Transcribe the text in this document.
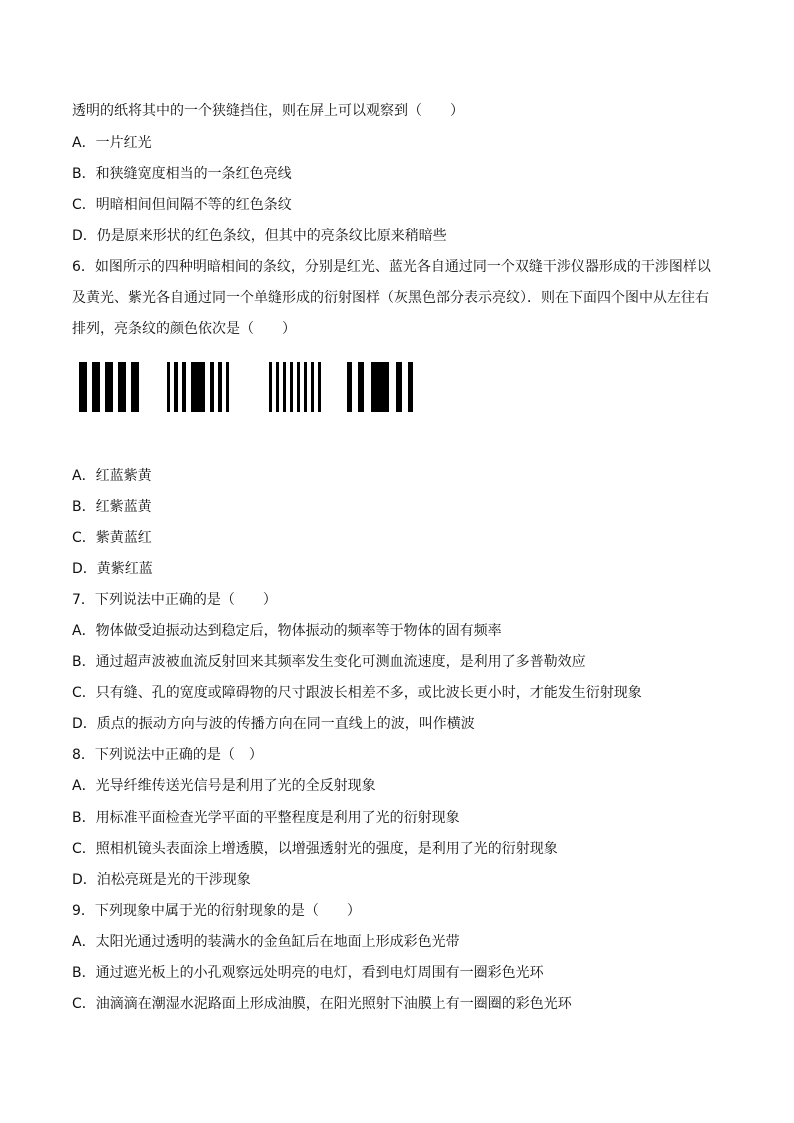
透明的纸将其中的一个狭缝挡住，则在屏上可以观察到（　　）
A．一片红光
B．和狭缝宽度相当的一条红色亮线
C．明暗相间但间隔不等的红色条纹
D．仍是原来形状的红色条纹，但其中的亮条纹比原来稍暗些
6．如图所示的四种明暗相间的条纹，分别是红光、蓝光各自通过同一个双缝干涉仪器形成的干涉图样以
及黄光、紫光各自通过同一个单缝形成的衍射图样（灰黑色部分表示亮纹）．则在下面四个图中从左往右
排列，亮条纹的颜色依次是（　　）
A．红蓝紫黄
B．红紫蓝黄
C．紫黄蓝红
D．黄紫红蓝
7．下列说法中正确的是（　　）
A．物体做受迫振动达到稳定后，物体振动的频率等于物体的固有频率
B．通过超声波被血流反射回来其频率发生变化可测血流速度，是利用了多普勒效应
C．只有缝、孔的宽度或障碍物的尺寸跟波长相差不多，或比波长更小时，才能发生衍射现象
D．质点的振动方向与波的传播方向在同一直线上的波，叫作横波
8．下列说法中正确的是（　）
A．光导纤维传送光信号是利用了光的全反射现象
B．用标准平面检查光学平面的平整程度是利用了光的衍射现象
C．照相机镜头表面涂上增透膜，以增强透射光的强度，是利用了光的衍射现象
D．泊松亮斑是光的干涉现象
9．下列现象中属于光的衍射现象的是（　　）
A．太阳光通过透明的装满水的金鱼缸后在地面上形成彩色光带
B．通过遮光板上的小孔观察远处明亮的电灯，看到电灯周围有一圈彩色光环
C．油滴滴在潮湿水泥路面上形成油膜，在阳光照射下油膜上有一圈圈的彩色光环
